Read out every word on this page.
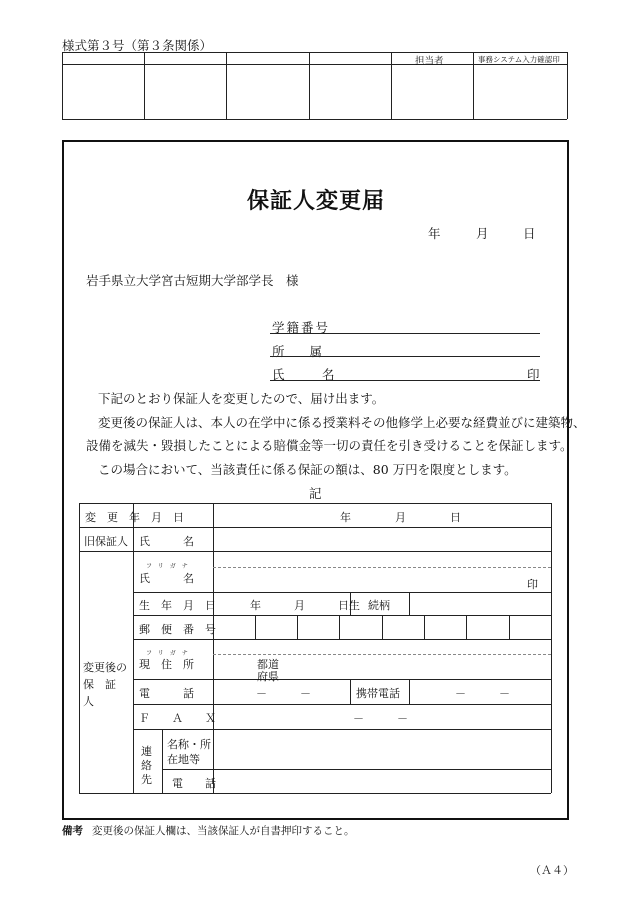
様式第３号（第３条関係）
担当者	事務システム入力確認印
保証人変更届
年	月	日
岩手県立大学宮古短期大学部学長　様
学籍番号
所　　属
氏　　　名	印
下記のとおり保証人を変更したので、届け出ます。
変更後の保証人は、本人の在学中に係る授業料その他修学上必要な経費並びに建築物、
設備を滅失・毀損したことによる賠償金等一切の責任を引き受けることを保証します。
この場合において、当該責任に係る保証の額は、80 万円を限度とします。
記
変　更　年　月　日	年　　　　月　　　　日
旧保証人 氏　　　名
変更後の保　証　人
フリガナ
氏　　　名	印
生　年　月　日	年　　　月　　　日生 続柄
郵　便　番　号
フリガナ
現　住　所	都道
府県
電　　　話	－　　　－	携帯電話	－　　　－
Ｆ　　Ａ　　Ｘ	－　　　－
連絡先
名称・所在地等
電　　話
備考 変更後の保証人欄は、当該保証人が自書押印すること。
（Ａ４）
